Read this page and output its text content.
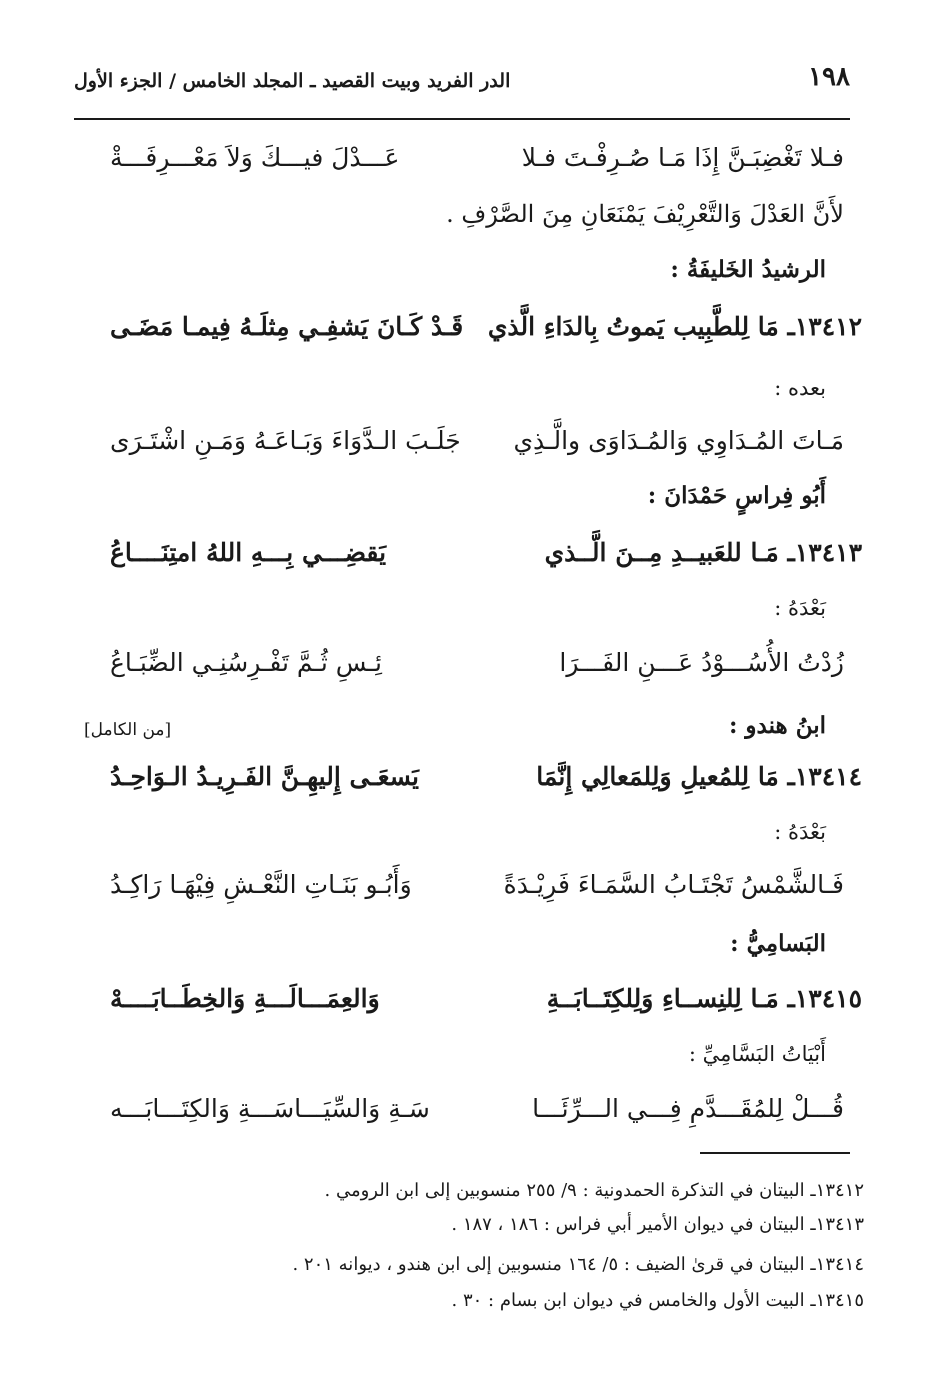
١٩٨
الدر الفريد وبيت القصيد ـ المجلد الخامس / الجزء الأول
فـلا تَغْضِبَـنَّ إِذَا مَـا صُـرِفْـتَ فـلا
عَـــدْلَ فيـــكَ وَلاَ مَعْـــرِفَـــةْ
لأَنَّ العَدْلَ وَالتَّعْرِيْفَ يَمْنَعَانِ مِنَ الصَّرْفِ .
الرشيدُ الخَليفَةُ :
١٣٤١٢ـ مَا لِلطَّبِيب يَموتُ بِالدَاءِ الَّذي
قَـدْ كَـانَ يَشفِـي مِثلَـهُ فِيمـا مَضَـى
بعده :
مَـاتَ المُـدَاوِي وَالمُـدَاوَى والَّـذِي
جَلَـبَ الـدَّوَاءَ وَبَـاعَـهُ وَمَـنِ اشْتَـرَى
أَبُو فِراسٍ حَمْدَانَ :
١٣٤١٣ـ مَـا للعَبيــدِ مِــنَ الَّــذي
يَقضِـــي بِـــهِ اللهُ امتِنَــــاعُ
بَعْدَهُ :
زُدْتُ الأُسُـــوْدُ عَـــنِ الفَـــرَا
ئِـسِ ثُـمَّ تَفْـرِسُنِـي الضِّبَـاعُ
ابنُ هندو :
[من الكامل]
١٣٤١٤ـ مَا لِلمُعيلِ وَلِلمَعالِي إِنَّمَا
يَسعَـى إِليهِـنَّ الفَـرِيـدُ الـوَاحِـدُ
بَعْدَهُ :
فَـالشَّمْسُ تَجْتَـابُ السَّمَـاءَ فَرِيْـدَةً
وَأَبُـو بَنَـاتِ النَّعْـشِ فِيْهَـا رَاكِـدُ
البَسامِيُّ :
١٣٤١٥ـ مَـا لِلنِســاءِ وَلِلكِتَــابَــةِ
وَالعِمَـــالَـــةِ وَالخِطَــابَــــهْ
أَبْيَاتُ البَسَّامِيِّ :
قُـــلْ لِلمُقَـــدَّمِ فِـــي الـــرِّئَـــا
سَـةِ وَالسِّيَـــاسَـــةِ وَالكِتَـــابَـــه
١٣٤١٢ـ البيتان في التذكرة الحمدونية : ٩/ ٢٥٥ منسوبين إلى ابن الرومي .
١٣٤١٣ـ البيتان في ديوان الأمير أبي فراس : ١٨٦ ، ١٨٧ .
١٣٤١٤ـ البيتان في قرىٰ الضيف : ٥/ ١٦٤ منسوبين إلى ابن هندو ، ديوانه ٢٠١ .
١٣٤١٥ـ البيت الأول والخامس في ديوان ابن بسام : ٣٠ .
